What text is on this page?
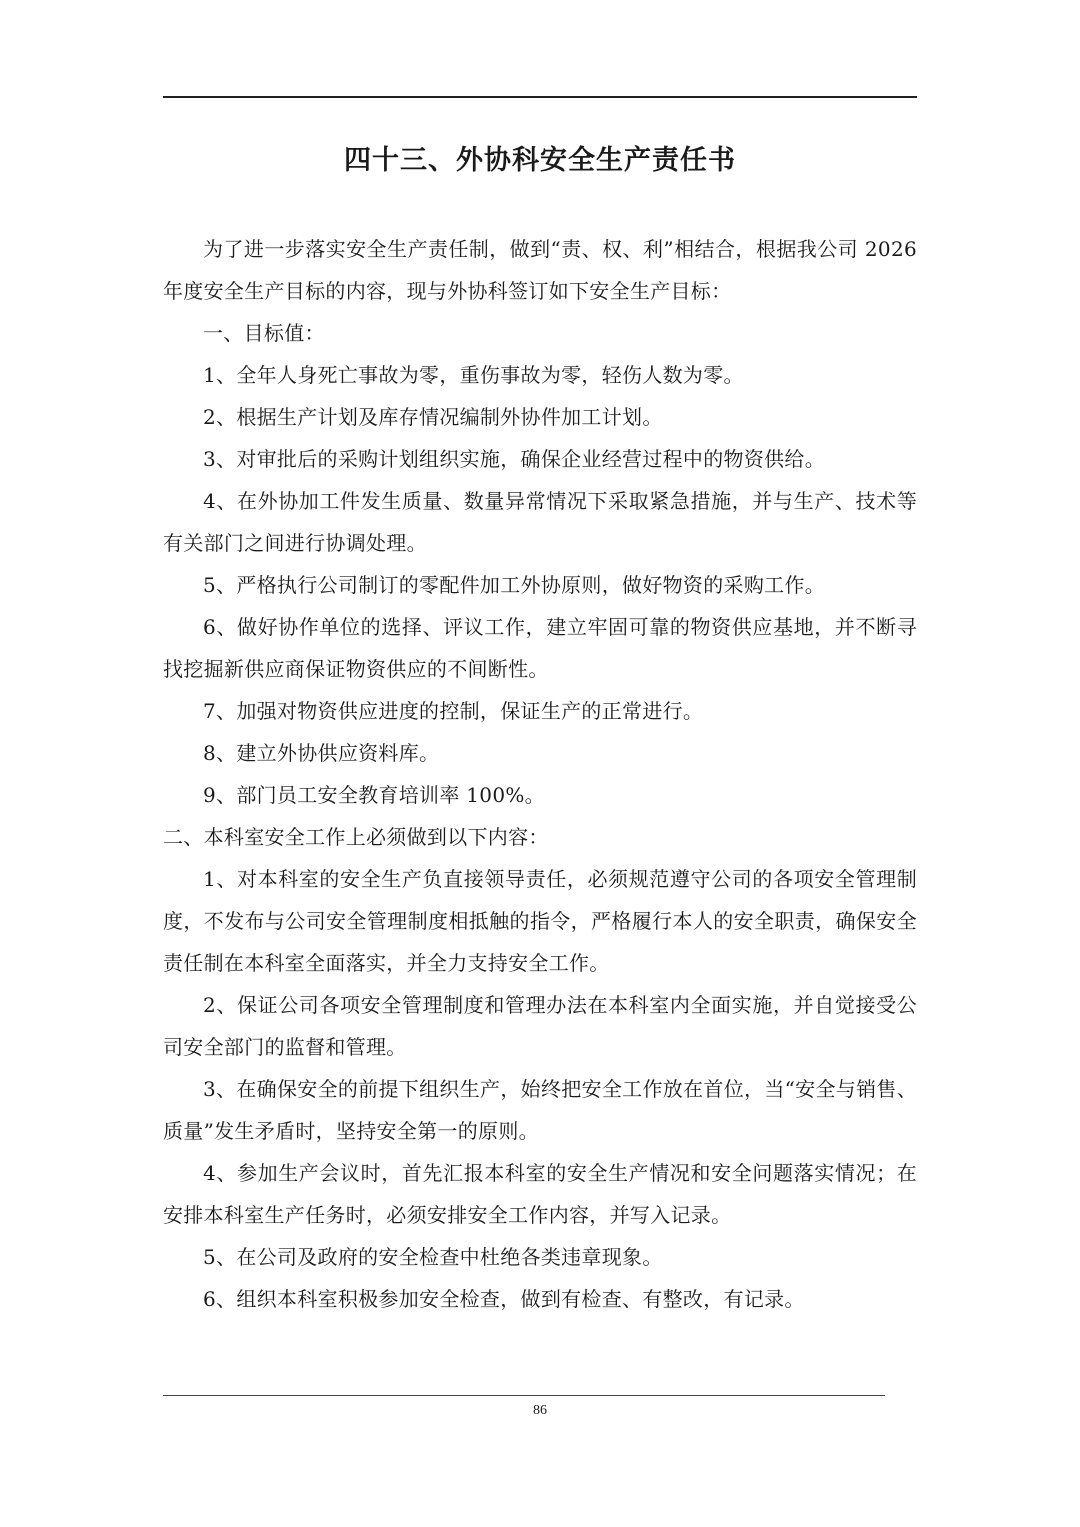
四十三、外协科安全生产责任书

为了进一步落实安全生产责任制，做到“责、权、利”相结合，根据我公司 2026 年度安全生产目标的内容，现与外协科签订如下安全生产目标：

一、目标值：

1、全年人身死亡事故为零，重伤事故为零，轻伤人数为零。

2、根据生产计划及库存情况编制外协件加工计划。

3、对审批后的采购计划组织实施，确保企业经营过程中的物资供给。

4、在外协加工件发生质量、数量异常情况下采取紧急措施，并与生产、技术等有关部门之间进行协调处理。

5、严格执行公司制订的零配件加工外协原则，做好物资的采购工作。

6、做好协作单位的选择、评议工作，建立牢固可靠的物资供应基地，并不断寻找挖掘新供应商保证物资供应的不间断性。

7、加强对物资供应进度的控制，保证生产的正常进行。

8、建立外协供应资料库。

9、部门员工安全教育培训率 100%。

二、本科室安全工作上必须做到以下内容：

1、对本科室的安全生产负直接领导责任，必须规范遵守公司的各项安全管理制度，不发布与公司安全管理制度相抵触的指令，严格履行本人的安全职责，确保安全责任制在本科室全面落实，并全力支持安全工作。

2、保证公司各项安全管理制度和管理办法在本科室内全面实施，并自觉接受公司安全部门的监督和管理。

3、在确保安全的前提下组织生产，始终把安全工作放在首位，当“安全与销售、质量”发生矛盾时，坚持安全第一的原则。

4、参加生产会议时，首先汇报本科室的安全生产情况和安全问题落实情况；在安排本科室生产任务时，必须安排安全工作内容，并写入记录。

5、在公司及政府的安全检查中杜绝各类违章现象。

6、组织本科室积极参加安全检查，做到有检查、有整改，有记录。

86
